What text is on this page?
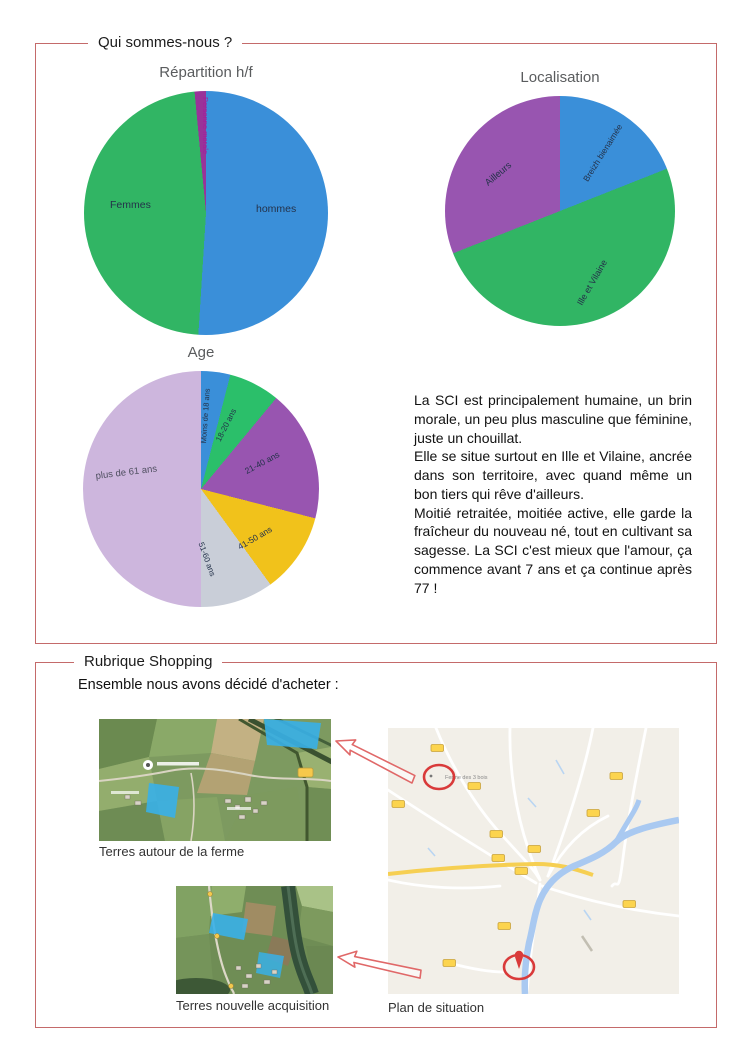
Qui sommes-nous ?
Répartition h/f
hommes
Femmes
Personne morale
Localisation
Breizh bienaimée
Ille et Vilaine
Ailleurs
Age
Moins de 18 ans 18-20 ans
21-40 ans
41-50 ans
51-60 ans
plus de 61 ans

La SCI est principalement humaine, un brin morale, un peu plus masculine que féminine, juste un chouillat.

Elle se situe surtout en Ille et Vilaine, ancrée dans son territoire, avec quand même un bon tiers qui rêve d'ailleurs.

Moitié retraitée, moitiée active, elle garde la fraîcheur du nouveau né, tout en cultivant sa sagesse. La SCI c'est mieux que l'amour, ça commence avant 7 ans et ça continue après 77 !

Rubrique Shopping
Ensemble nous avons décidé d'acheter :
Terres autour de la ferme
Terres nouvelle acquisition
Ferme des 3 bois
Plan de situation
